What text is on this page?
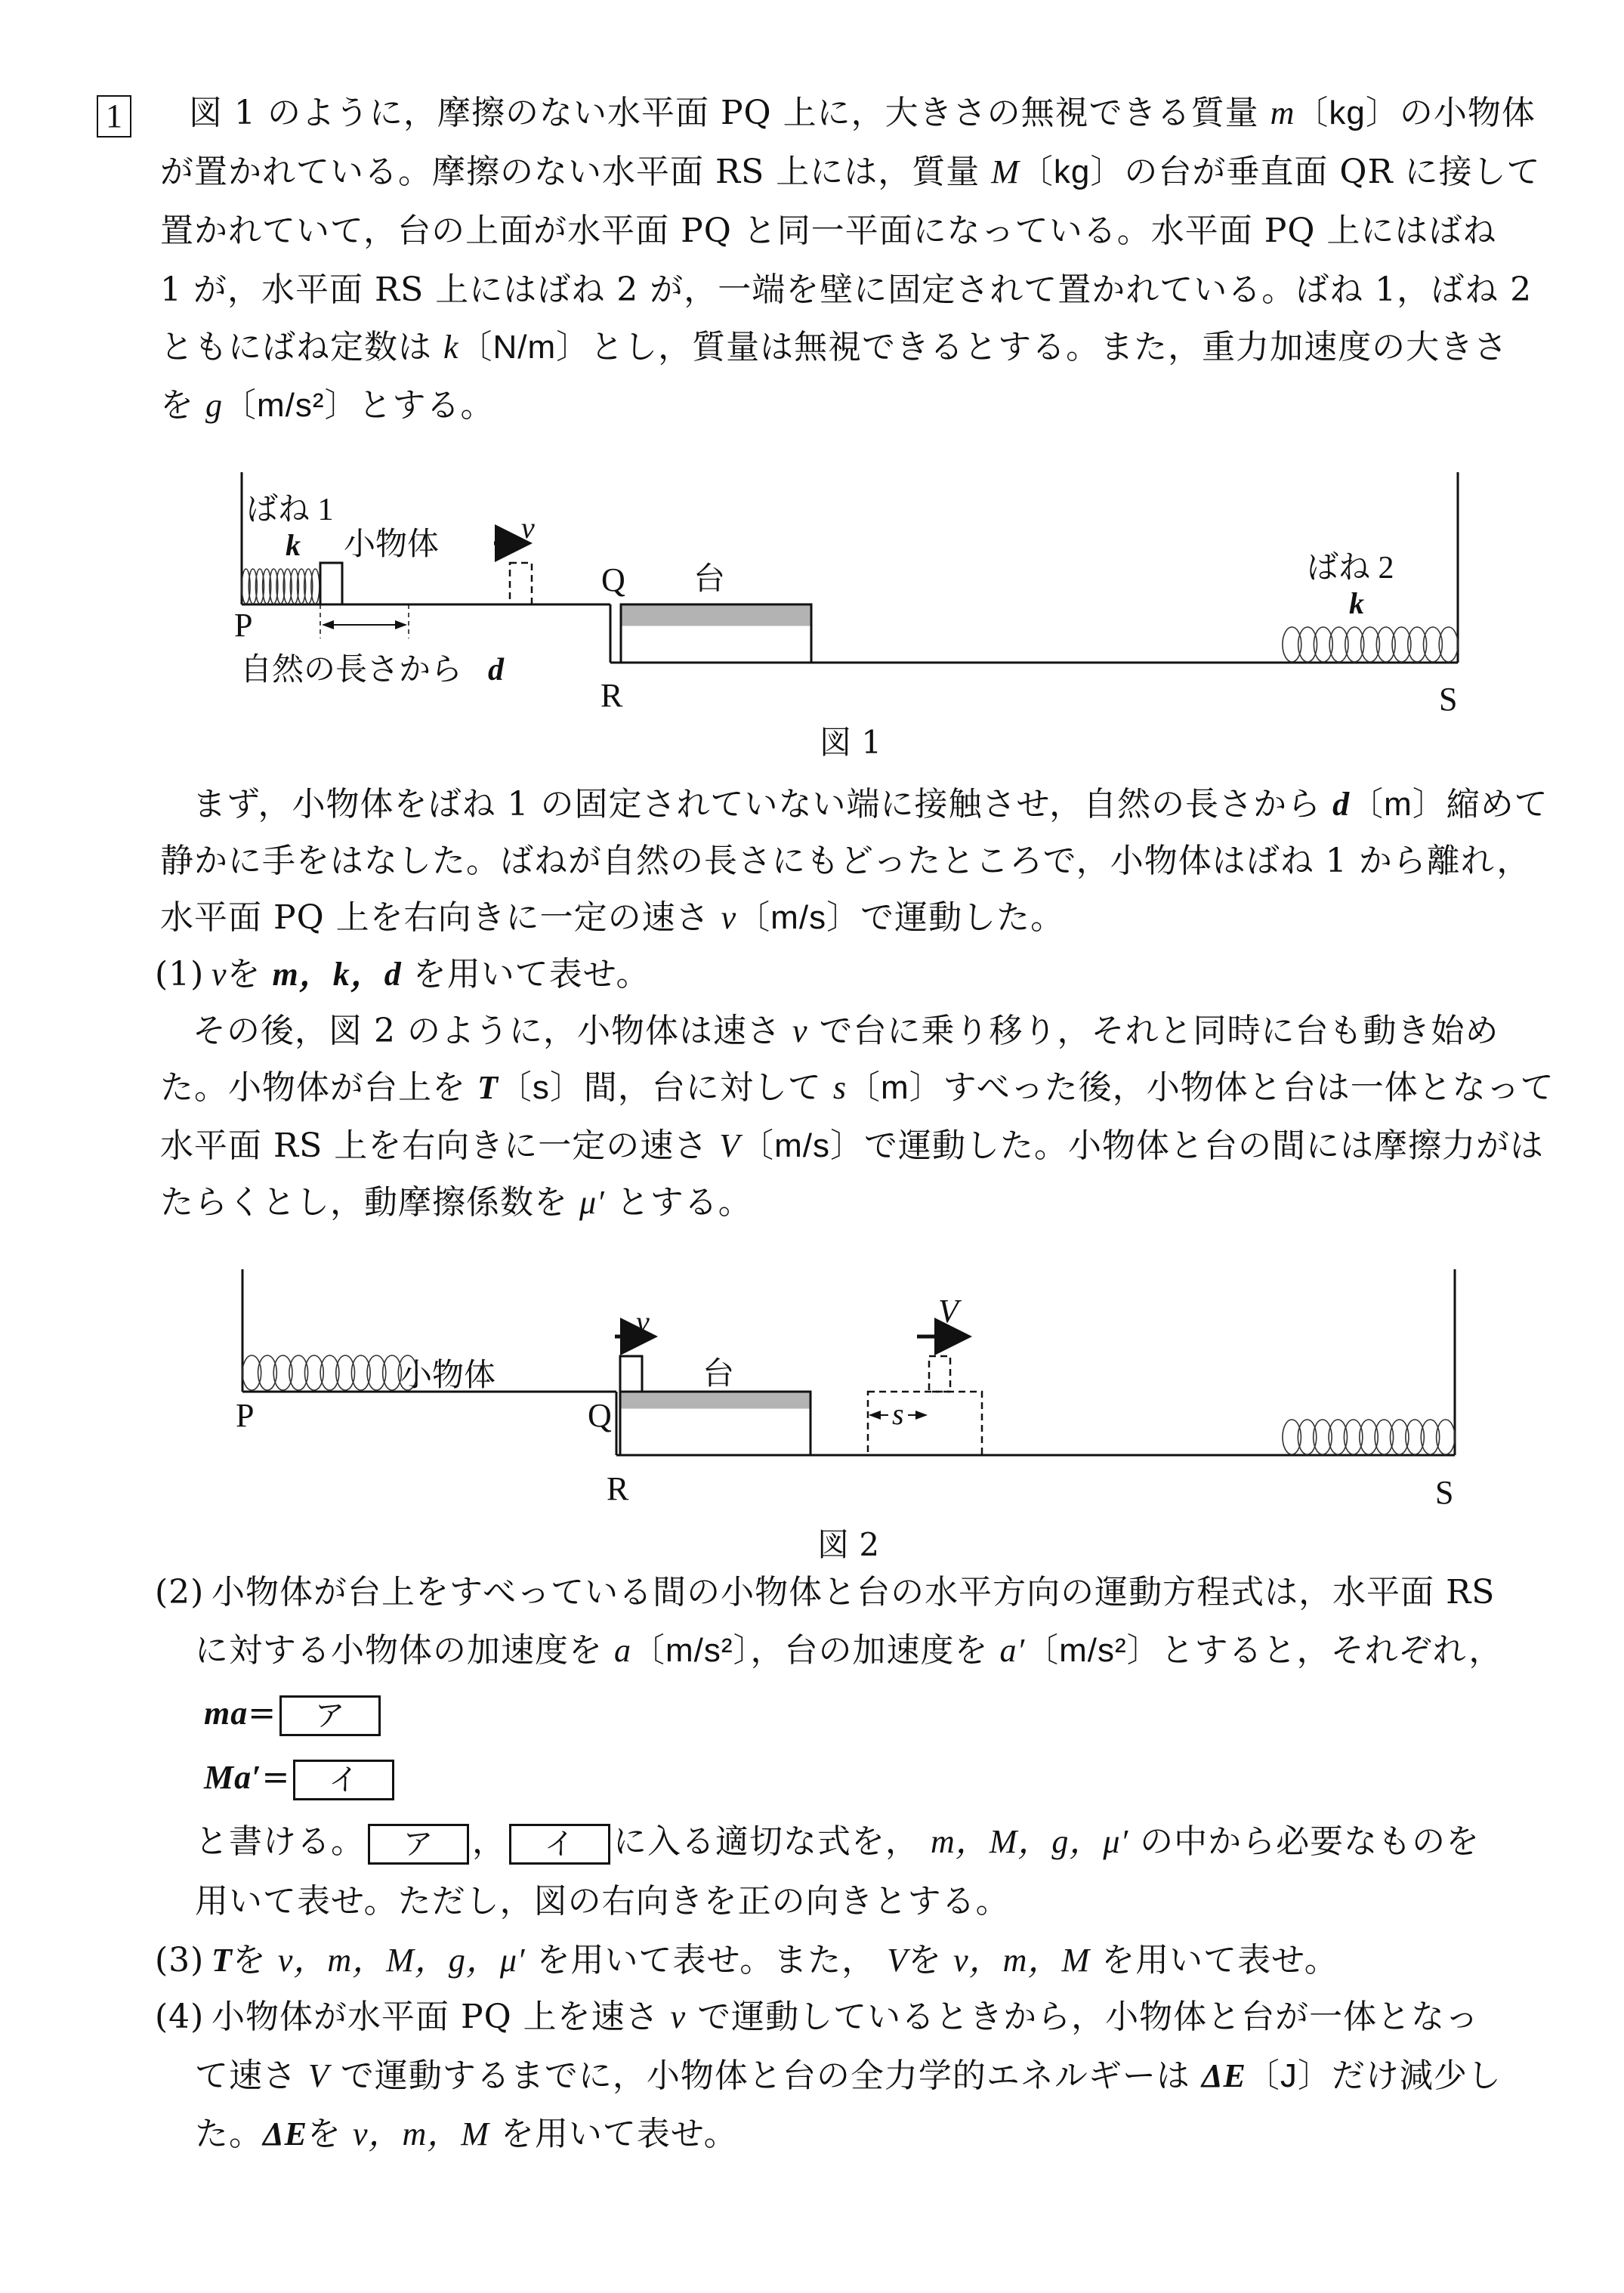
1 図 1 のように，摩擦のない水平面 PQ 上に，大きさの無視できる質量 m〔kg〕の小物体
が置かれている。摩擦のない水平面 RS 上には，質量 M〔kg〕の台が垂直面 QR に接して
置かれていて，台の上面が水平面 PQ と同一平面になっている。水平面 PQ 上にはばね
1 が，水平面 RS 上にはばね 2 が，一端を壁に固定されて置かれている。ばね 1，ばね 2
ともにばね定数は k〔N/m〕とし，質量は無視できるとする。また，重力加速度の大きさ
を g〔m/s²〕とする。
ばね 1
k 小物体	v
P
Q 台
R	S
ばね 2
k
自然の長さから d
図 1
まず，小物体をばね 1 の固定されていない端に接触させ，自然の長さから d〔m〕縮めて
静かに手をはなした。ばねが自然の長さにもどったところで，小物体はばね 1 から離れ，
水平面 PQ 上を右向きに一定の速さ v〔m/s〕で運動した。
(1) vを m，k，d を用いて表せ。
その後，図 2 のように，小物体は速さ v で台に乗り移り，それと同時に台も動き始め
た。小物体が台上を T〔s〕間，台に対して s〔m〕すべった後，小物体と台は一体となって
水平面 RS 上を右向きに一定の速さ V〔m/s〕で運動した。小物体と台の間には摩擦力がは
たらくとし，動摩擦係数を μ′ とする。
小物体
v
台
V
s
P	Q
R	S
図 2
(2) 小物体が台上をすべっている間の小物体と台の水平方向の運動方程式は，水平面 RS
に対する小物体の加速度を a〔m/s²〕，台の加速度を a′〔m/s²〕とすると，それぞれ，
ma= ア
Ma′= イ
と書ける。 ア ， イ に入る適切な式を， m，M，g，μ′ の中から必要なものを
用いて表せ。ただし，図の右向きを正の向きとする。
(3) Tを v，m，M，g，μ′ を用いて表せ。また， Vを v，m，M を用いて表せ。
(4) 小物体が水平面 PQ 上を速さ v で運動しているときから，小物体と台が一体となっ
て速さ V で運動するまでに，小物体と台の全力学的エネルギーは ΔE〔J〕だけ減少し
た。ΔEを v，m，M を用いて表せ。
